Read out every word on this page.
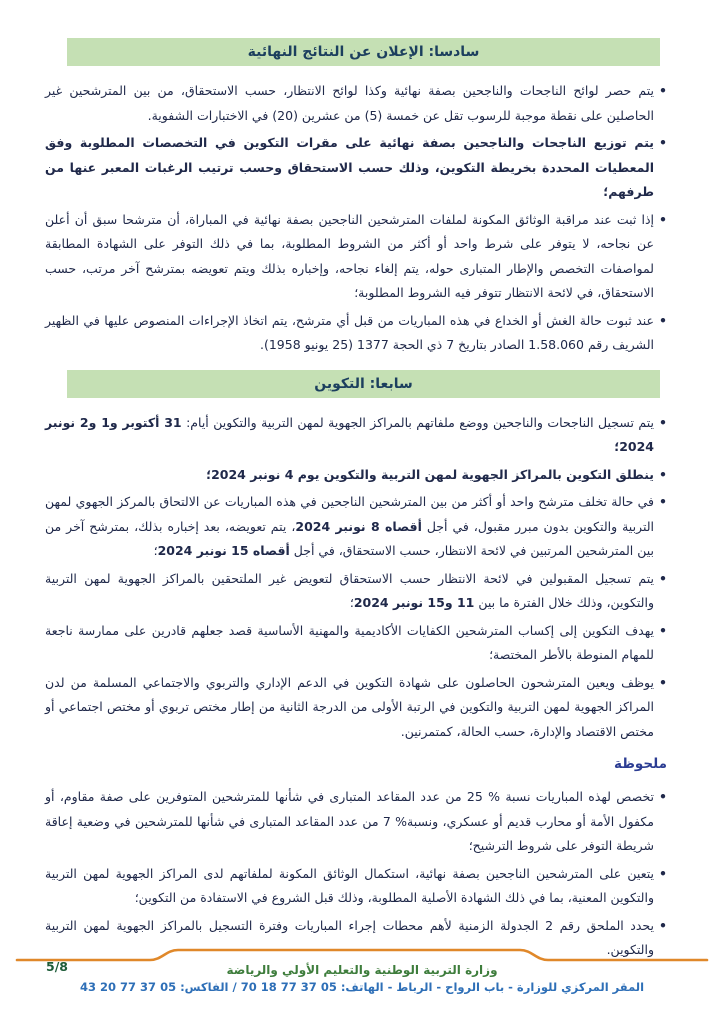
سادسا: الإعلان عن النتائج النهائية
• يتم حصر لوائح الناجحات والناجحين بصفة نهائية وكذا لوائح الانتظار، حسب الاستحقاق، من بين المترشحين غير الحاصلين على نقطة موجبة للرسوب تقل عن خمسة (5) من عشرين (20) في الاختبارات الشفوية.
• يتم توزيع الناجحات والناجحين بصفة نهائية على مقرات التكوين في التخصصات المطلوبة وفق المعطيات المحددة بخريطة التكوين، وذلك حسب الاستحقاق وحسب ترتيب الرغبات المعبر عنها من طرفهم؛
• إذا ثبت عند مراقبة الوثائق المكونة لملفات المترشحين الناجحين بصفة نهائية في المباراة، أن مترشحا سبق أن أعلن عن نجاحه، لا يتوفر على شرط واحد أو أكثر من الشروط المطلوبة، بما في ذلك التوفر على الشهادة المطابقة لمواصفات التخصص والإطار المتبارى حوله، يتم إلغاء نجاحه، وإخباره بذلك ويتم تعويضه بمترشح آخر مرتب، حسب الاستحقاق، في لائحة الانتظار تتوفر فيه الشروط المطلوبة؛
• عند ثبوت حالة الغش أو الخداع في هذه المباريات من قبل أي مترشح، يتم اتخاذ الإجراءات المنصوص عليها في الظهير الشريف رقم 1.58.060 الصادر بتاريخ 7 ذي الحجة 1377 (25 يونيو 1958).
سابعا: التكوين
• يتم تسجيل الناجحات والناجحين ووضع ملفاتهم بالمراكز الجهوية لمهن التربية والتكوين أيام: 31 أكتوبر و1 و2 نونبر 2024؛
• ينطلق التكوين بالمراكز الجهوية لمهن التربية والتكوين يوم 4 نونبر 2024؛
• في حالة تخلف مترشح واحد أو أكثر من بين المترشحين الناجحين في هذه المباريات عن الالتحاق بالمركز الجهوي لمهن التربية والتكوين بدون مبرر مقبول، في أجل أقصاه 8 نونبر 2024، يتم تعويضه، بعد إخباره بذلك، بمترشح آخر من بين المترشحين المرتبين في لائحة الانتظار، حسب الاستحقاق، في أجل أقصاه 15 نونبر 2024؛
• يتم تسجيل المقبولين في لائحة الانتظار حسب الاستحقاق لتعويض غير الملتحقين بالمراكز الجهوية لمهن التربية والتكوين، وذلك خلال الفترة ما بين 11 و15 نونبر 2024؛
• يهدف التكوين إلى إكساب المترشحين الكفايات الأكاديمية والمهنية الأساسية قصد جعلهم قادرين على ممارسة ناجعة للمهام المنوطة بالأطر المختصة؛
• يوظف ويعين المترشحون الحاصلون على شهادة التكوين في الدعم الإداري والتربوي والاجتماعي المسلمة من لدن المراكز الجهوية لمهن التربية والتكوين في الرتبة الأولى من الدرجة الثانية من إطار مختص تربوي أو مختص اجتماعي أو مختص الاقتصاد والإدارة، حسب الحالة، كمتمرنين.
ملحوظة
• تخصص لهذه المباريات نسبة % 25 من عدد المقاعد المتبارى في شأنها للمترشحين المتوفرين على صفة مقاوم، أو مكفول الأمة أو محارب قديم أو عسكري، ونسبة% 7 من عدد المقاعد المتبارى في شأنها للمترشحين في وضعية إعاقة شريطة التوفر على شروط الترشيح؛
• يتعين على المترشحين الناجحين بصفة نهائية، استكمال الوثائق المكونة لملفاتهم لدى المراكز الجهوية لمهن التربية والتكوين المعنية، بما في ذلك الشهادة الأصلية المطلوبة، وذلك قبل الشروع في الاستفادة من التكوين؛
• يحدد الملحق رقم 2 الجدولة الزمنية لأهم محطات إجراء المباريات وفترة التسجيل بالمراكز الجهوية لمهن التربية والتكوين.
5/8	وزارة التربية الوطنية والتعليم الأولي والرياضة
المقر المركزي للوزارة - باب الرواح - الرباط - الهاتف: 05 37 77 18 70 / الفاكس: 05 37 77 20 43
